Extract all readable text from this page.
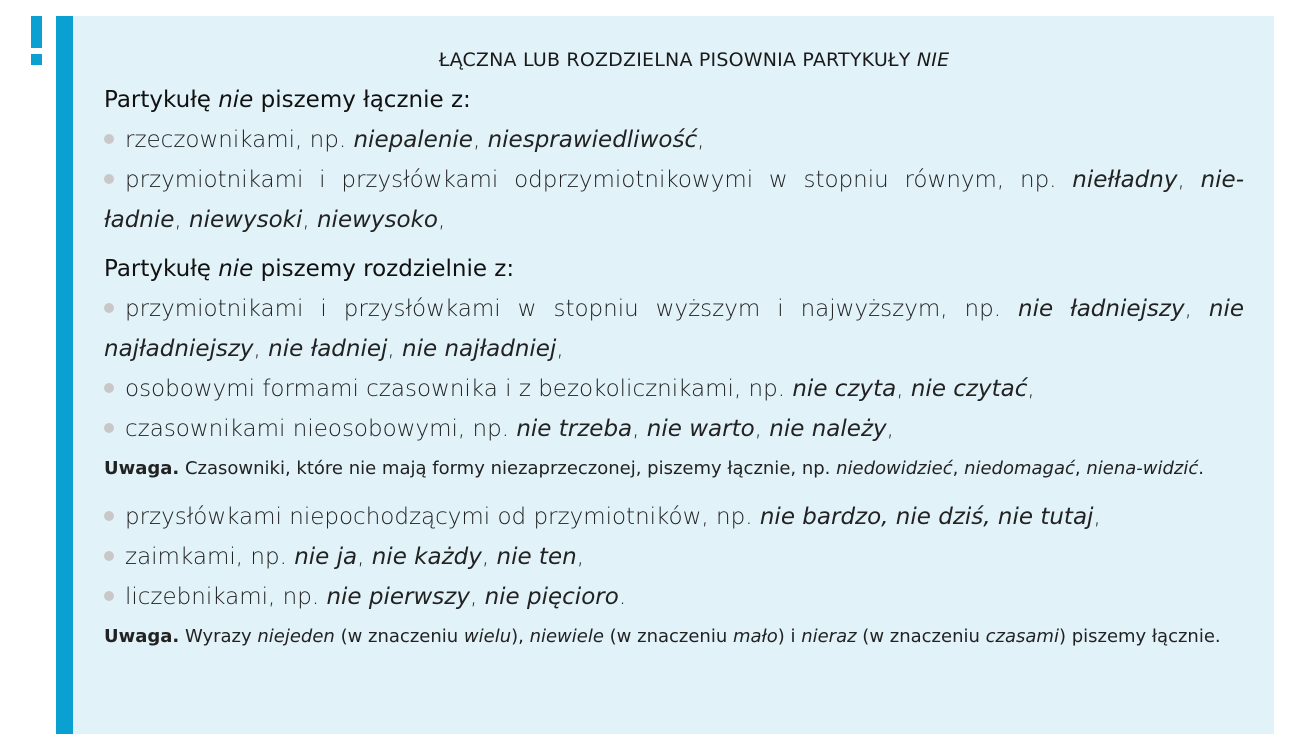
ŁĄCZNA LUB ROZDZIELNA PISOWNIA PARTYKUŁY NIE
Partykułę nie piszemy łącznie z:
rzeczownikami, np. niepalenie, niesprawiedliwość,
przymiotnikami i przysłówkami odprzymiotnikowymi w stopniu równym, np. niełładny, nie-ładnie, niewysoki, niewysoko,
Partykułę nie piszemy rozdzielnie z:
przymiotnikami i przysłówkami w stopniu wyższym i najwyższym, np. nie ładniejszy, nie najładniejszy, nie ładniej, nie najładniej,
osobowymi formami czasownika i z bezokolicznikami, np. nie czyta, nie czytać,
czasownikami nieosobowymi, np. nie trzeba, nie warto, nie należy,
Uwaga. Czasowniki, które nie mają formy niezaprzeczonej, piszemy łącznie, np. niedowidzieć, niedomagać, niena-widzić.
przysłówkami niepochodzącymi od przymiotników, np. nie bardzo, nie dziś, nie tutaj,
zaimkami, np. nie ja, nie każdy, nie ten,
liczebnikami, np. nie pierwszy, nie pięcioro.
Uwaga. Wyrazy niejeden (w znaczeniu wielu), niewiele (w znaczeniu mało) i nieraz (w znaczeniu czasami) piszemy łącznie.
